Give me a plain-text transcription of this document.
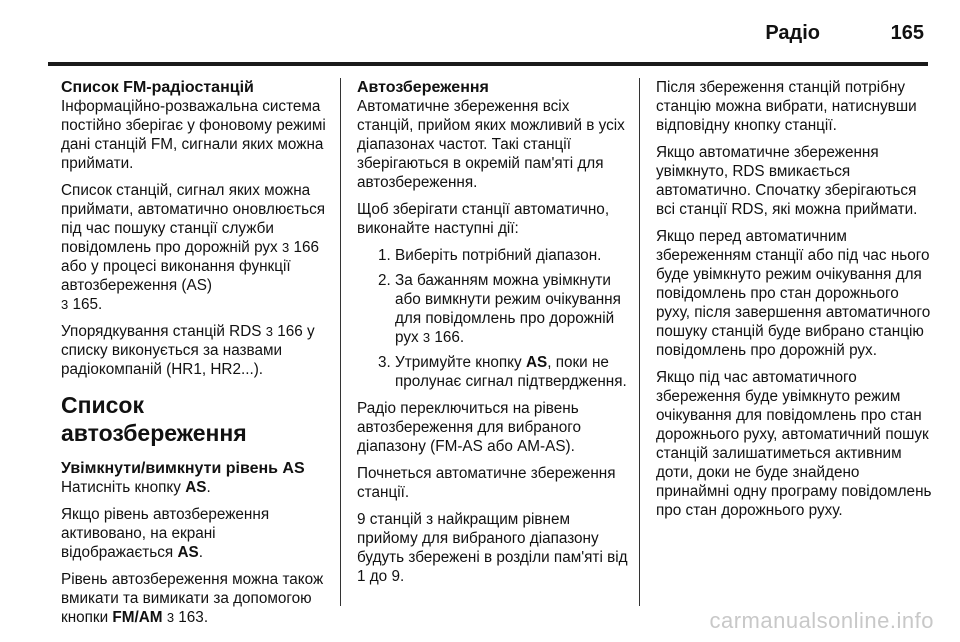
Радіо	165
Список FM-радіостанцій

Інформаційно-розважальна система постійно зберігає у фоновому режимі дані станцій FM, сигнали яких можна приймати.

Список станцій, сигнал яких можна приймати, автоматично оновлюється під час пошуку станції служби повідомлень про дорожній рух 3 166 або у процесі виконання функції автозбереження (AS)
3 165.

Упорядкування станцій RDS 3 166 у списку виконується за назвами радіокомпаній (HR1, HR2...).

Список автозбереження
Увімкнути/вимкнути рівень AS

Натисніть кнопку AS.

Якщо рівень автозбереження активовано, на екрані відображається AS.

Рівень автозбереження можна також вмикати та вимикати за допомогою кнопки FM/AM 3 163.

Автозбереження

Автоматичне збереження всіх станцій, прийом яких можливий в усіх діапазонах частот. Такі станції зберігаються в окремій пам'яті для автозбереження.

Щоб зберігати станції автоматично, виконайте наступні дії:

1. Виберіть потрібний діапазон.
2. За бажанням можна увімкнути або вимкнути режим очікування для повідомлень про дорожній рух 3 166.
3. Утримуйте кнопку AS, поки не пролунає сигнал підтвердження.

Радіо переключиться на рівень автозбереження для вибраного діапазону (FM-AS або AM-AS).

Почнеться автоматичне збереження станції.

9 станцій з найкращим рівнем прийому для вибраного діапазону будуть збережені в розділи пам'яті від 1 до 9.

Після збереження станцій потрібну станцію можна вибрати, натиснувши відповідну кнопку станції.

Якщо автоматичне збереження увімкнуто, RDS вмикається автоматично. Спочатку зберігаються всі станції RDS, які можна приймати.

Якщо перед автоматичним збереженням станції або під час нього буде увімкнуто режим очікування для повідомлень про стан дорожнього руху, після завершення автоматичного пошуку станцій буде вибрано станцію повідомлень про дорожній рух.

Якщо під час автоматичного збереження буде увімкнуто режим очікування для повідомлень про стан дорожнього руху, автоматичний пошук станцій залишатиметься активним доти, доки не буде знайдено принаймні одну програму повідомлень про стан дорожнього руху.

carmanualsonline.info
